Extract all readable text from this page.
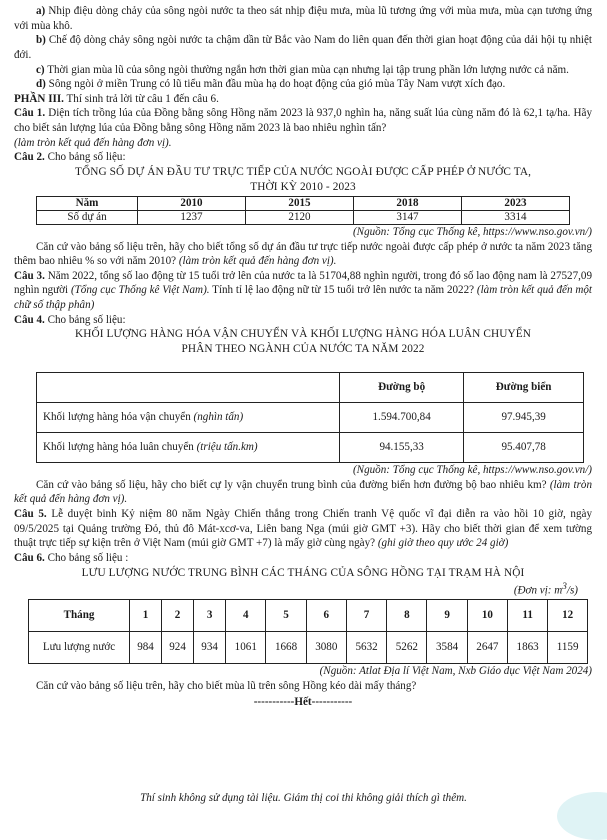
a) Nhịp điệu dòng chảy của sông ngòi nước ta theo sát nhịp điệu mưa, mùa lũ tương ứng với mùa mưa, mùa cạn tương ứng với mùa khô.

b) Chế độ dòng chảy sông ngòi nước ta chậm dần từ Bắc vào Nam do liên quan đến thời gian hoạt động của dải hội tụ nhiệt đới.

c) Thời gian mùa lũ của sông ngòi thường ngắn hơn thời gian mùa cạn nhưng lại tập trung phần lớn lượng nước cả năm.

d) Sông ngòi ở miền Trung có lũ tiểu mãn đầu mùa hạ do hoạt động của gió mùa Tây Nam vượt xích đạo.

PHẦN III. Thí sinh trả lời từ câu 1 đến câu 6.

Câu 1. Diện tích trồng lúa của Đồng bằng sông Hồng năm 2023 là 937,0 nghìn ha, năng suất lúa cùng năm đó là 62,1 tạ/ha. Hãy cho biết sản lượng lúa của Đồng bằng sông Hồng năm 2023 là bao nhiêu nghìn tấn?
(làm tròn kết quả đến hàng đơn vị).

Câu 2. Cho bảng số liệu:

TỔNG SỐ DỰ ÁN ĐẦU TƯ TRỰC TIẾP CỦA NƯỚC NGOÀI ĐƯỢC CẤP PHÉP Ở NƯỚC TA,
THỜI KỲ 2010 - 2023

Năm	2010	2015	2018	2023
Số dự án	1237	2120	3147	3314

(Nguồn: Tổng cục Thống kê, https://www.nso.gov.vn/)

Căn cứ vào bảng số liệu trên, hãy cho biết tổng số dự án đầu tư trực tiếp nước ngoài được cấp phép ở nước ta năm 2023 tăng thêm bao nhiêu % so với năm 2010? (làm tròn kết quả đến hàng đơn vị).

Câu 3. Năm 2022, tổng số lao động từ 15 tuổi trở lên của nước ta là 51704,88 nghìn người, trong đó số lao động nam là 27527,09 nghìn người (Tổng cục Thống kê Việt Nam). Tính tỉ lệ lao động nữ từ 15 tuổi trở lên nước ta năm 2022? (làm tròn kết quả đến một chữ số thập phân)

Câu 4. Cho bảng số liệu:

KHỐI LƯỢNG HÀNG HÓA VẬN CHUYỂN VÀ KHỐI LƯỢNG HÀNG HÓA LUÂN CHUYỂN
PHÂN THEO NGÀNH CỦA NƯỚC TA NĂM 2022

	Đường bộ	Đường biển
Khối lượng hàng hóa vận chuyển (nghìn tấn)	1.594.700,84	97.945,39
Khối lượng hàng hóa luân chuyển (triệu tấn.km)	94.155,33	95.407,78

(Nguồn: Tổng cục Thống kê, https://www.nso.gov.vn/)

Căn cứ vào bảng số liệu, hãy cho biết cự ly vận chuyển trung bình của đường biển hơn đường bộ bao nhiêu km? (làm tròn kết quả đến hàng đơn vị).

Câu 5. Lễ duyệt binh Kỷ niệm 80 năm Ngày Chiến thắng trong Chiến tranh Vệ quốc vĩ đại diễn ra vào hồi 10 giờ, ngày 09/5/2025 tại Quảng trường Đỏ, thủ đô Mát-xcơ-va, Liên bang Nga (múi giờ GMT +3). Hãy cho biết thời gian để xem tường thuật trực tiếp sự kiện trên ở Việt Nam (múi giờ GMT +7) là mấy giờ cùng ngày? (ghi giờ theo quy ước 24 giờ)

Câu 6. Cho bảng số liệu :

LƯU LƯỢNG NƯỚC TRUNG BÌNH CÁC THÁNG CỦA SÔNG HỒNG TẠI TRẠM HÀ NỘI

(Đơn vị: $m^3/s$)

Tháng	1	2	3	4	5	6	7	8	9	10	11	12
Lưu lượng nước	984	924	934	1061	1668	3080	5632	5262	3584	2647	1863	1159

(Nguồn: Atlat Địa lí Việt Nam, Nxb Giáo dục Việt Nam 2024)

Căn cứ vào bảng số liệu trên, hãy cho biết mùa lũ trên sông Hồng kéo dài mấy tháng?

-----------Hết-----------

Thí sinh không sử dụng tài liệu. Giám thị coi thi không giải thích gì thêm.
